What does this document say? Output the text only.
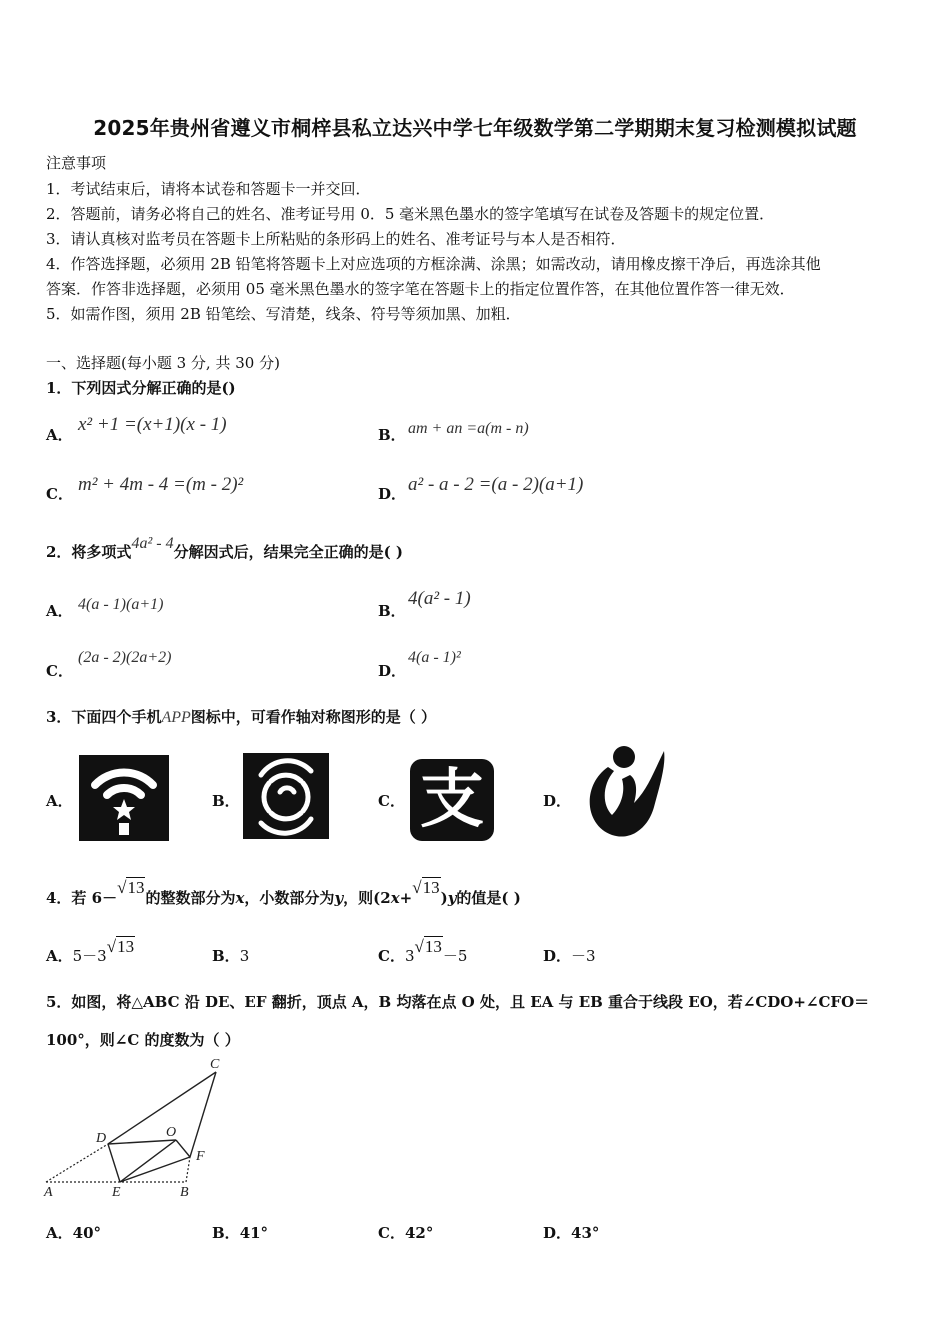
2025年贵州省遵义市桐梓县私立达兴中学七年级数学第二学期期末复习检测模拟试题
注意事项
1．考试结束后，请将本试卷和答题卡一并交回．
2．答题前，请务必将自己的姓名、准考证号用 0．5 毫米黑色墨水的签字笔填写在试卷及答题卡的规定位置．
3．请认真核对监考员在答题卡上所粘贴的条形码上的姓名、准考证号与本人是否相符．
4．作答选择题，必须用 2B 铅笔将答题卡上对应选项的方框涂满、涂黑；如需改动，请用橡皮擦干净后，再选涂其他
答案．作答非选择题，必须用 05 毫米黑色墨水的签字笔在答题卡上的指定位置作答，在其他位置作答一律无效．
5．如需作图，须用 2B 铅笔绘、写清楚，线条、符号等须加黑、加粗．
一、选择题(每小题 3 分, 共 30 分)
1．下列因式分解正确的是()
A． x² +1 =(x+1)(x - 1)	B． am + an =a(m - n)
C． m² + 4m - 4 =(m - 2)²	D． a² - a - 2 =(a - 2)(a+1)
2．将多项式4a² - 4分解因式后，结果完全正确的是( )
A． 4(a - 1)(a+1)	B．
4(a² - 1)
C．
(2a - 2)(2a+2)
D．
4(a - 1)²
3．下面四个手机APP图标中，可看作轴对称图形的是（ ）
A．	B．	C．	D．
支
4．若 6－√13的整数部分为x，小数部分为y，则(2x+√13)y的值是( )
A．5－3√13	B．3	C．3√13－5	D．－3
5．如图，将△ABC 沿 DE、EF 翻折，顶点 A，B 均落在点 O 处，且 EA 与 EB 重合于线段 EO，若∠CDO+∠CFO＝
100°，则∠C 的度数为（ ）
C
D	O
F
A	E	B
A．40°	B．41°	C．42°	D．43°
